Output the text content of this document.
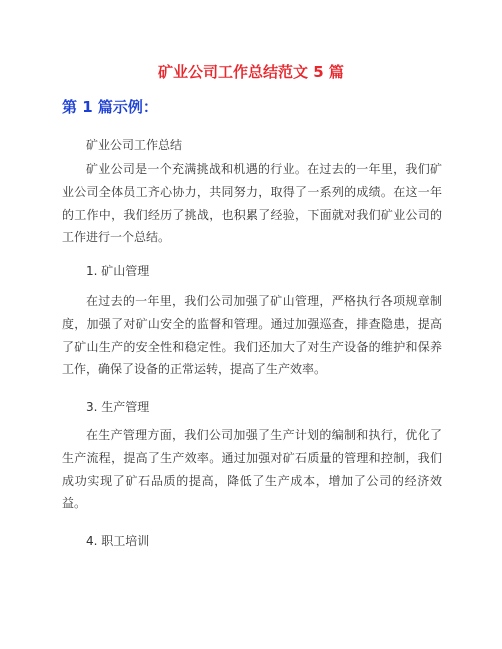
矿业公司工作总结范文 5 篇
第 1 篇示例：

矿业公司工作总结

矿业公司是一个充满挑战和机遇的行业。在过去的一年里，我们矿业公司全体员工齐心协力，共同努力，取得了一系列的成绩。在这一年的工作中，我们经历了挑战，也积累了经验，下面就对我们矿业公司的工作进行一个总结。

1. 矿山管理

在过去的一年里，我们公司加强了矿山管理，严格执行各项规章制度，加强了对矿山安全的监督和管理。通过加强巡查，排查隐患，提高了矿山生产的安全性和稳定性。我们还加大了对生产设备的维护和保养工作，确保了设备的正常运转，提高了生产效率。

3. 生产管理

在生产管理方面，我们公司加强了生产计划的编制和执行，优化了生产流程，提高了生产效率。通过加强对矿石质量的管理和控制，我们成功实现了矿石品质的提高，降低了生产成本，增加了公司的经济效益。

4. 职工培训
